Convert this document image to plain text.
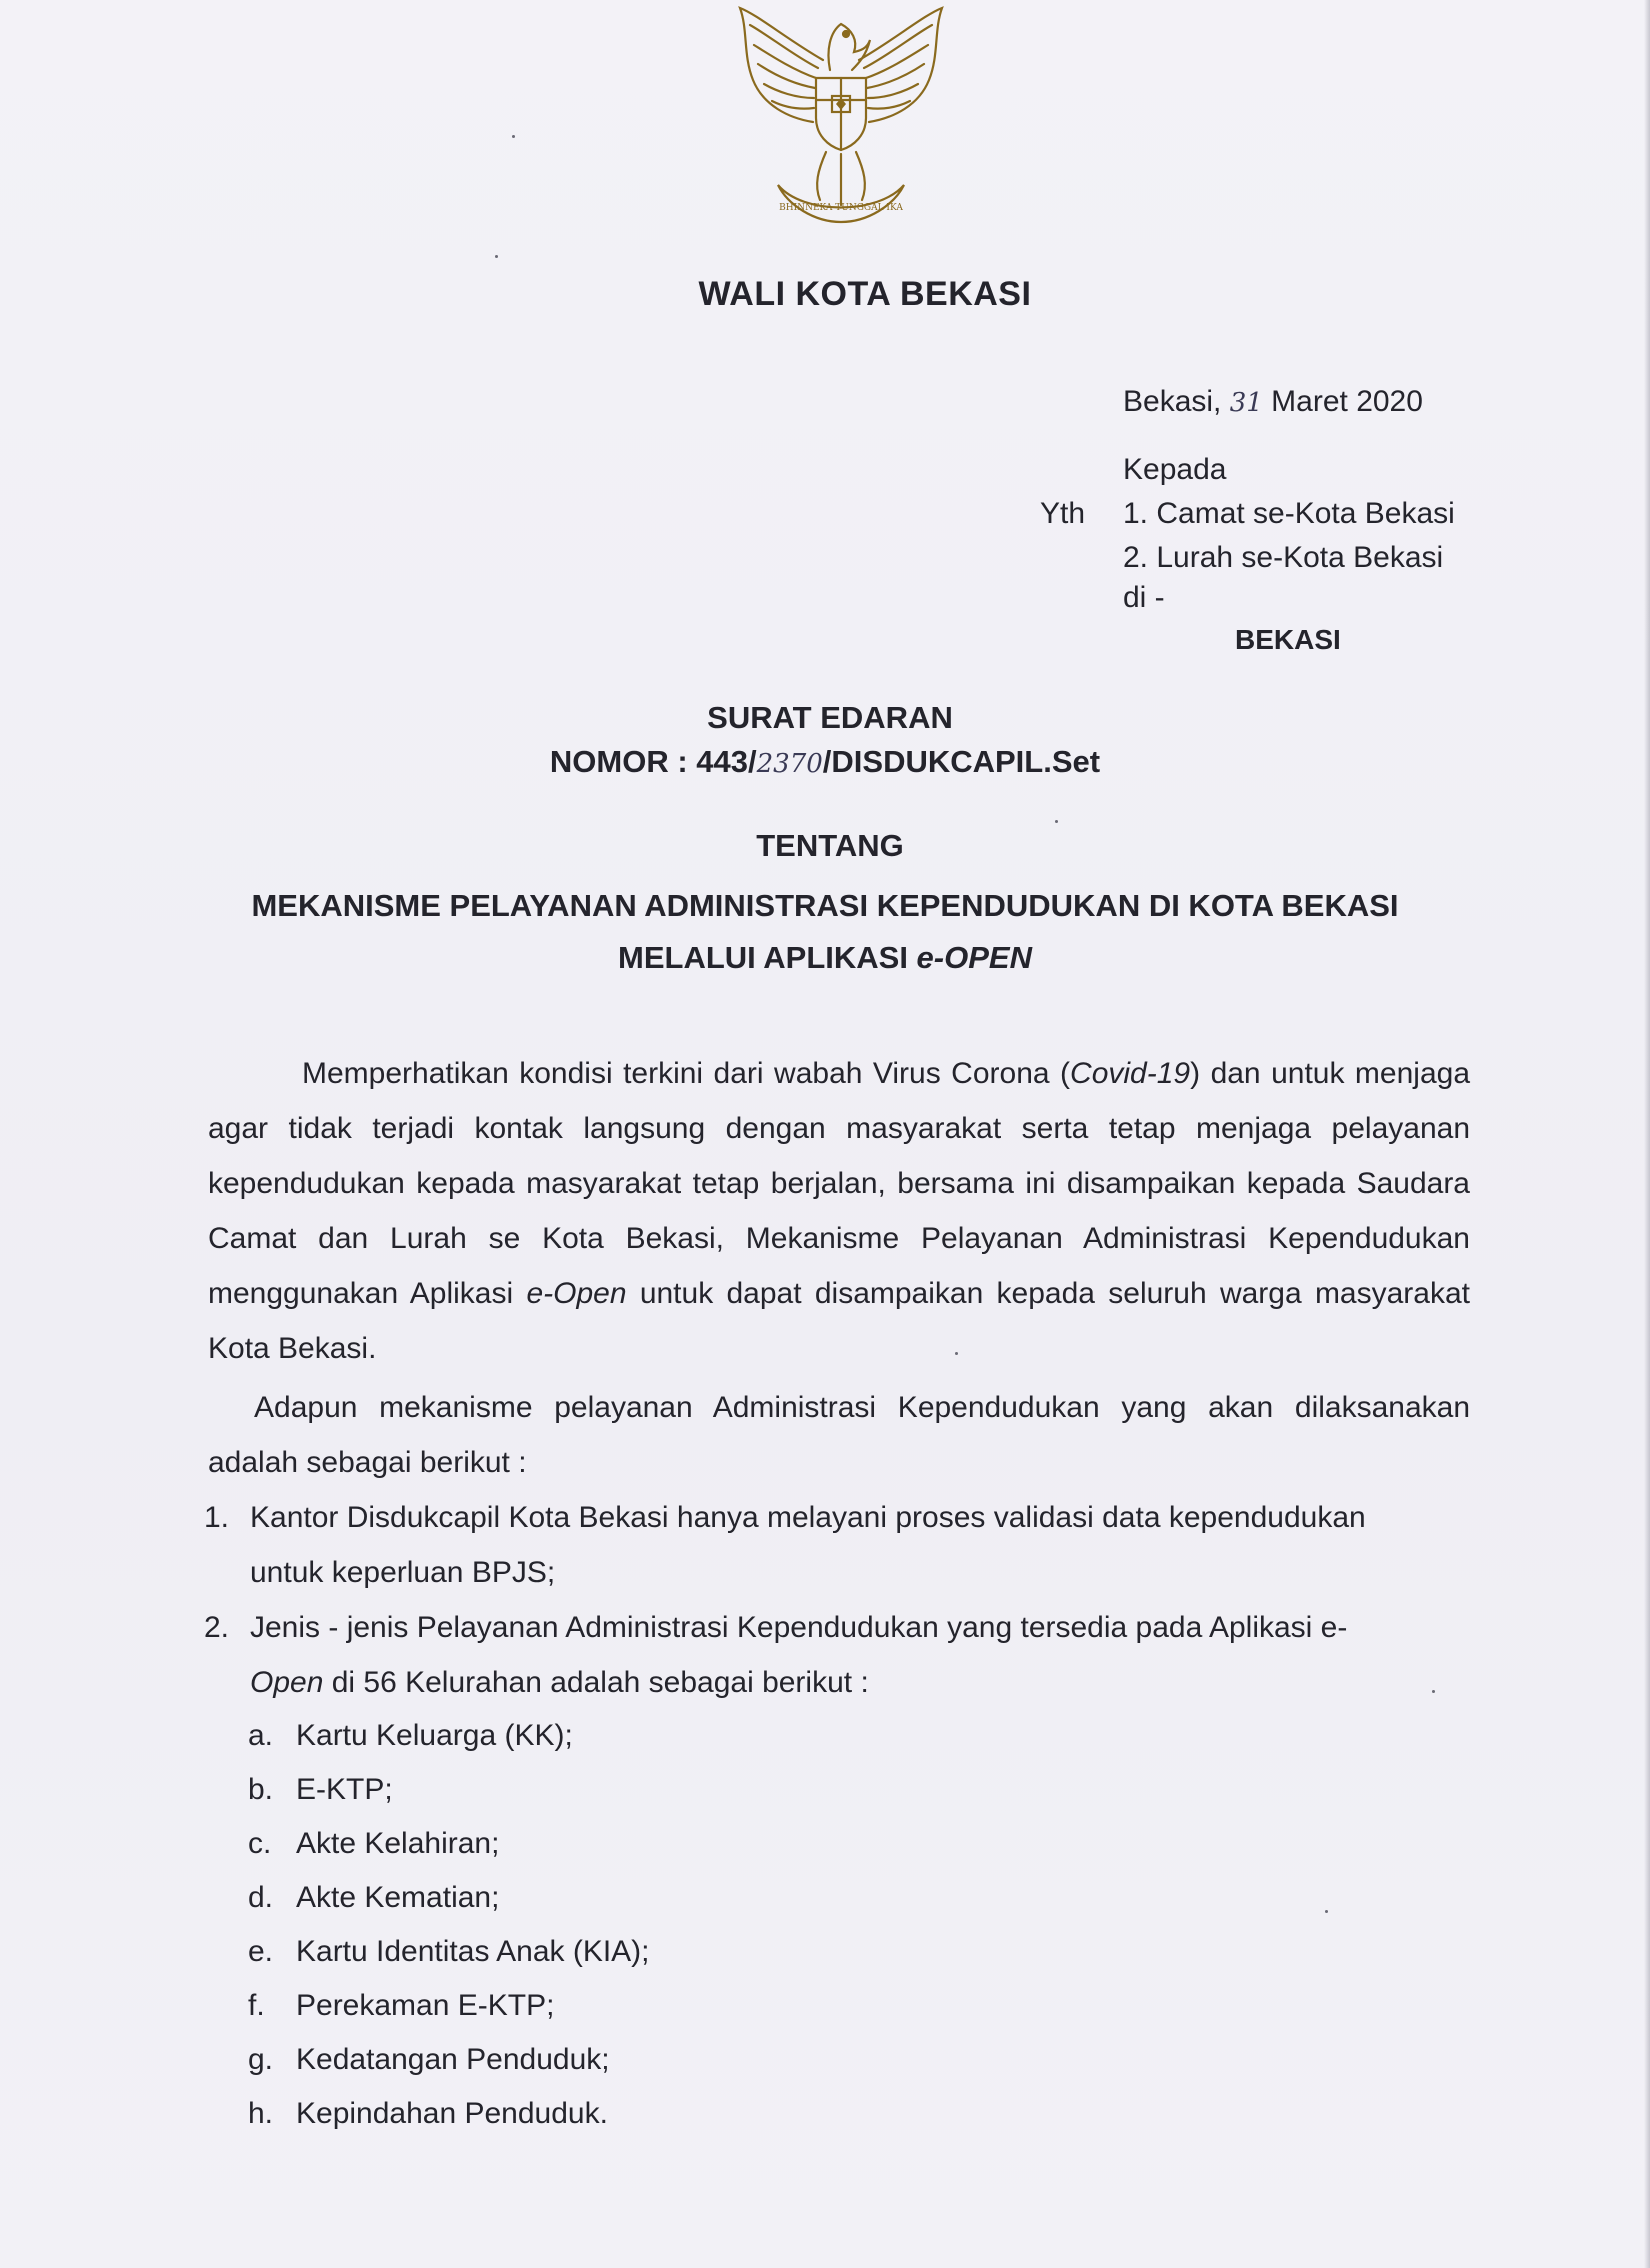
BHINNEKA TUNGGAL IKA
WALI KOTA BEKASI
Bekasi, 31 Maret 2020
Kepada
Yth 1. Camat se-Kota Bekasi
2. Lurah se-Kota Bekasi
di -
BEKASI
SURAT EDARAN
NOMOR : 443/2370/DISDUKCAPIL.Set
TENTANG
MEKANISME PELAYANAN ADMINISTRASI KEPENDUDUKAN DI KOTA BEKASI
MELALUI APLIKASI e-OPEN
Memperhatikan kondisi terkini dari wabah Virus Corona (Covid-19) dan untuk menjaga agar tidak terjadi kontak langsung dengan masyarakat serta tetap menjaga pelayanan kependudukan kepada masyarakat tetap berjalan, bersama ini disampaikan kepada Saudara Camat dan Lurah se Kota Bekasi, Mekanisme Pelayanan Administrasi Kependudukan menggunakan Aplikasi e-Open untuk dapat disampaikan kepada seluruh warga masyarakat Kota Bekasi.
Adapun mekanisme pelayanan Administrasi Kependudukan yang akan dilaksanakan adalah sebagai berikut :
1. Kantor Disdukcapil Kota Bekasi hanya melayani proses validasi data kependudukan
untuk keperluan BPJS;
2. Jenis - jenis Pelayanan Administrasi Kependudukan yang tersedia pada Aplikasi e-
Open di 56 Kelurahan adalah sebagai berikut :
a. Kartu Keluarga (KK);
b. E-KTP;
c. Akte Kelahiran;
d. Akte Kematian;
e. Kartu Identitas Anak (KIA);
f. Perekaman E-KTP;
g. Kedatangan Penduduk;
h. Kepindahan Penduduk.
